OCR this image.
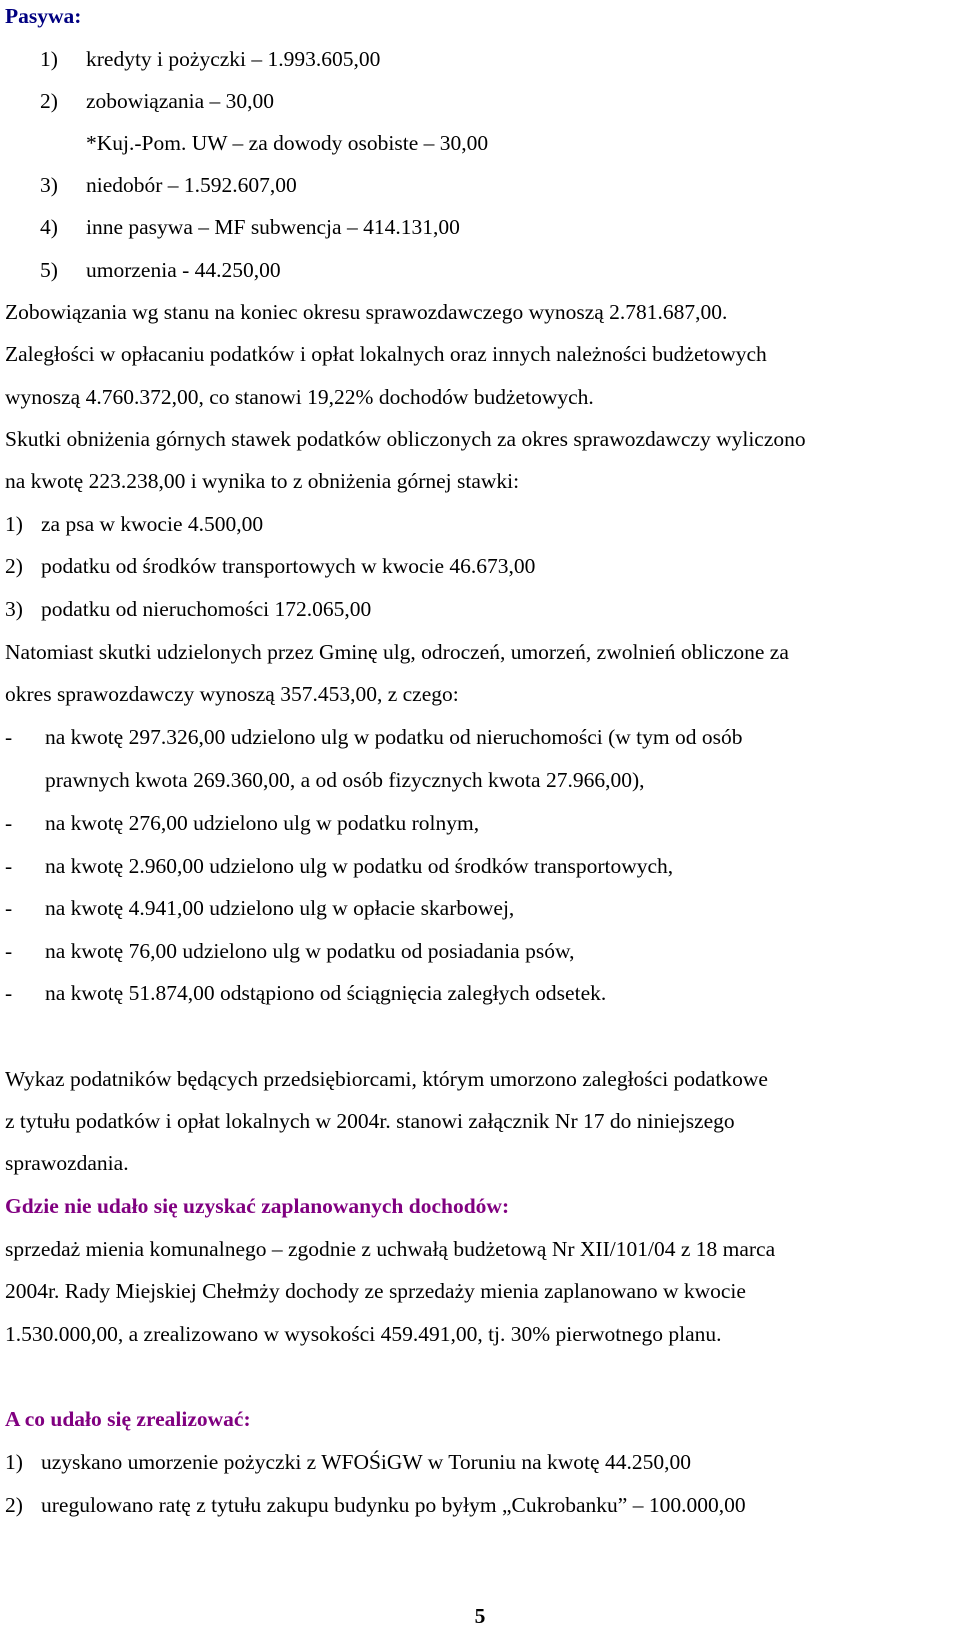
Pasywa:
1) kredyty i pożyczki – 1.993.605,00
2) zobowiązania – 30,00
*Kuj.-Pom. UW – za dowody osobiste – 30,00
3) niedobór – 1.592.607,00
4) inne pasywa – MF subwencja – 414.131,00
5) umorzenia - 44.250,00
Zobowiązania wg stanu na koniec okresu sprawozdawczego wynoszą 2.781.687,00.
Zaległości w opłacaniu podatków i opłat lokalnych oraz innych należności budżetowych
wynoszą 4.760.372,00, co stanowi 19,22% dochodów budżetowych.
Skutki obniżenia górnych stawek podatków obliczonych za okres sprawozdawczy wyliczono
na kwotę 223.238,00 i wynika to z obniżenia górnej stawki:
1) za psa w kwocie 4.500,00
2) podatku od środków transportowych w kwocie 46.673,00
3) podatku od nieruchomości 172.065,00
Natomiast skutki udzielonych przez Gminę ulg, odroczeń, umorzeń, zwolnień obliczone za
okres sprawozdawczy wynoszą 357.453,00, z czego:
- na kwotę 297.326,00 udzielono ulg w podatku od nieruchomości (w tym od osób
prawnych kwota 269.360,00, a od osób fizycznych kwota 27.966,00),
- na kwotę 276,00 udzielono ulg w podatku rolnym,
- na kwotę 2.960,00 udzielono ulg w podatku od środków transportowych,
- na kwotę 4.941,00 udzielono ulg w opłacie skarbowej,
- na kwotę 76,00 udzielono ulg w podatku od posiadania psów,
- na kwotę 51.874,00 odstąpiono od ściągnięcia zaległych odsetek.
Wykaz podatników będących przedsiębiorcami, którym umorzono zaległości podatkowe
z tytułu podatków i opłat lokalnych w 2004r. stanowi załącznik Nr 17 do niniejszego
sprawozdania.
Gdzie nie udało się uzyskać zaplanowanych dochodów:
sprzedaż mienia komunalnego – zgodnie z uchwałą budżetową Nr XII/101/04 z 18 marca
2004r. Rady Miejskiej Chełmży dochody ze sprzedaży mienia zaplanowano w kwocie
1.530.000,00, a zrealizowano w wysokości 459.491,00, tj. 30% pierwotnego planu.
A co udało się zrealizować:
1) uzyskano umorzenie pożyczki z WFOŚiGW w Toruniu na kwotę 44.250,00
2) uregulowano ratę z tytułu zakupu budynku po byłym „Cukrobanku” – 100.000,00
5
